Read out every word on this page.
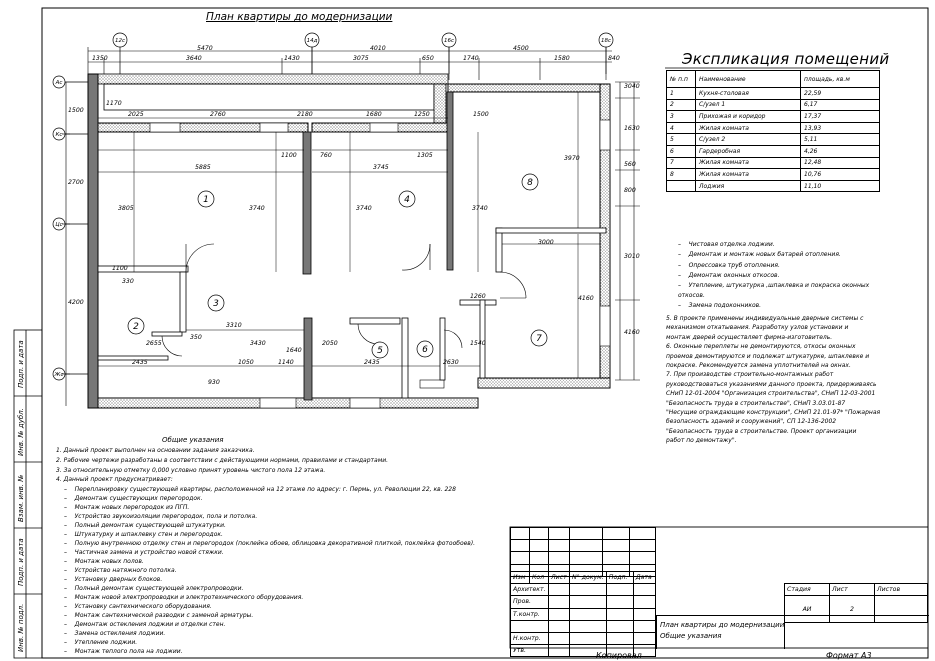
5470	4010	4500
1350	3640	1430	3075	650	1740	1580	840
1170
2025	2760	2180	1680	1250	1500
1100	760	1305
5885	3745
3970
3805	3740	3740	3740
1500
2700
4200
1100
330
3000
1260
3310
2655	3430
350
1640
2050	1540
2630
2435	1050	1140	2435
930
4160
1630
560
800
3010
4160
3040
1
2
3
4
5	6
7
8
12с	14д	16с	18с
Ас
Кс
Цс
Жс
План квартиры до модернизации
Экспликация помещений
№ п.п	Наименование	площадь, кв.м
1	Кухня-столовая	22,59
2	С/узел 1	6,17
3	Прихожая и коридор	17,37
4	Жилая комната	13,93
5	С/узел 2	5,11
6	Гардеробная	4,26
7	Жилая комната	12,48
8	Жилая комната	10,76
	Лоджия	11,10
–    Чистовая отделка лоджии.
–    Демонтаж и монтаж новых батарей отопления.
–    Опрессовка труб отопления.
–    Демонтаж оконных откосов.
–    Утепление, штукатурка ,шпаклевка и покраска оконных откосов.
–    Замена подоконников.
5. В проекте применены индивидуальные дверные системы с
механизмом откатывания. Разработку узлов установки и
монтаж дверей осуществляет фирма-изготовитель.
6. Оконные переплеты не демонтируются, откосы оконных
проемов демонтируются и подлежат штукатурке, шпаклевке и
покраске. Рекомендуется замена уплотнителей на окнах.
7. При производстве строительно-монтажных работ
руководствоваться указаниями данного проекта, придерживаясь
СНиП 12-01-2004 "Организация строительства", СНиП 12-03-2001
"Безопасность труда в строительстве", СНиП 3.03.01-87
"Несущие ограждающие конструкции", СНиП 21.01-97* "Пожарная
безопасность зданий и сооружений", СП 12-136-2002
"Безопасность труда в строительстве. Проект организации
работ по демонтажу".
Общие указания
1. Данный проект выполнен на основании задания заказчика.
2. Рабочие чертежи разработаны в соответствии с действующими нормами, правилами и стандартами.
3. За относительную отметку 0,000 условно принят уровень чистого пола 12 этажа.
4. Данный проект предусматривает:
–    Перепланировку существующей квартиры, расположенной на 12 этаже по адресу: г. Пермь, ул. Революции 22, кв. 228
–    Демонтаж существующих перегородок.
–    Монтаж новых перегородок из ПГП.
–    Устройство звукоизоляции перегородок, пола и потолка.
–    Полный демонтаж существующей штукатурки.
–    Штукатурку и шпаклевку стен и перегородок.
–    Полную внутреннюю отделку стен и перегородок (поклейка обоев, облицовка декоративной плиткой, поклейка фотообоев).
–    Частичная замена и устройство новой стяжки.
–    Монтаж новых полов.
–    Устройство натяжного потолка.
–    Установку дверных блоков.
–    Полный демонтаж существующей электропроводки.
–    Монтаж новой электропроводки и электротехнического оборудования.
–    Установку сантехнического оборудования.
–    Монтаж сантехнической разводки с заменой арматуры.
–    Демонтаж остекления лоджии и отделки стен.
–    Замена остекления лоджии.
–    Утепление лоджии.
–    Монтаж теплого пола на лоджии.
Подп. и дата
Инв. № дубл.
Взам. инв. №
Подп. и дата
Инв. № подл.
Изм	Кол	Лист	N° докум.	Подп.	Дата
Архитект.					
Пров.					
Т.контр.					

Н.контр.					
Утв.					

Стадия	Лист	Листов
АИ	2	
План квартиры до модернизации
Общие указания
Копировал	Формат А3
